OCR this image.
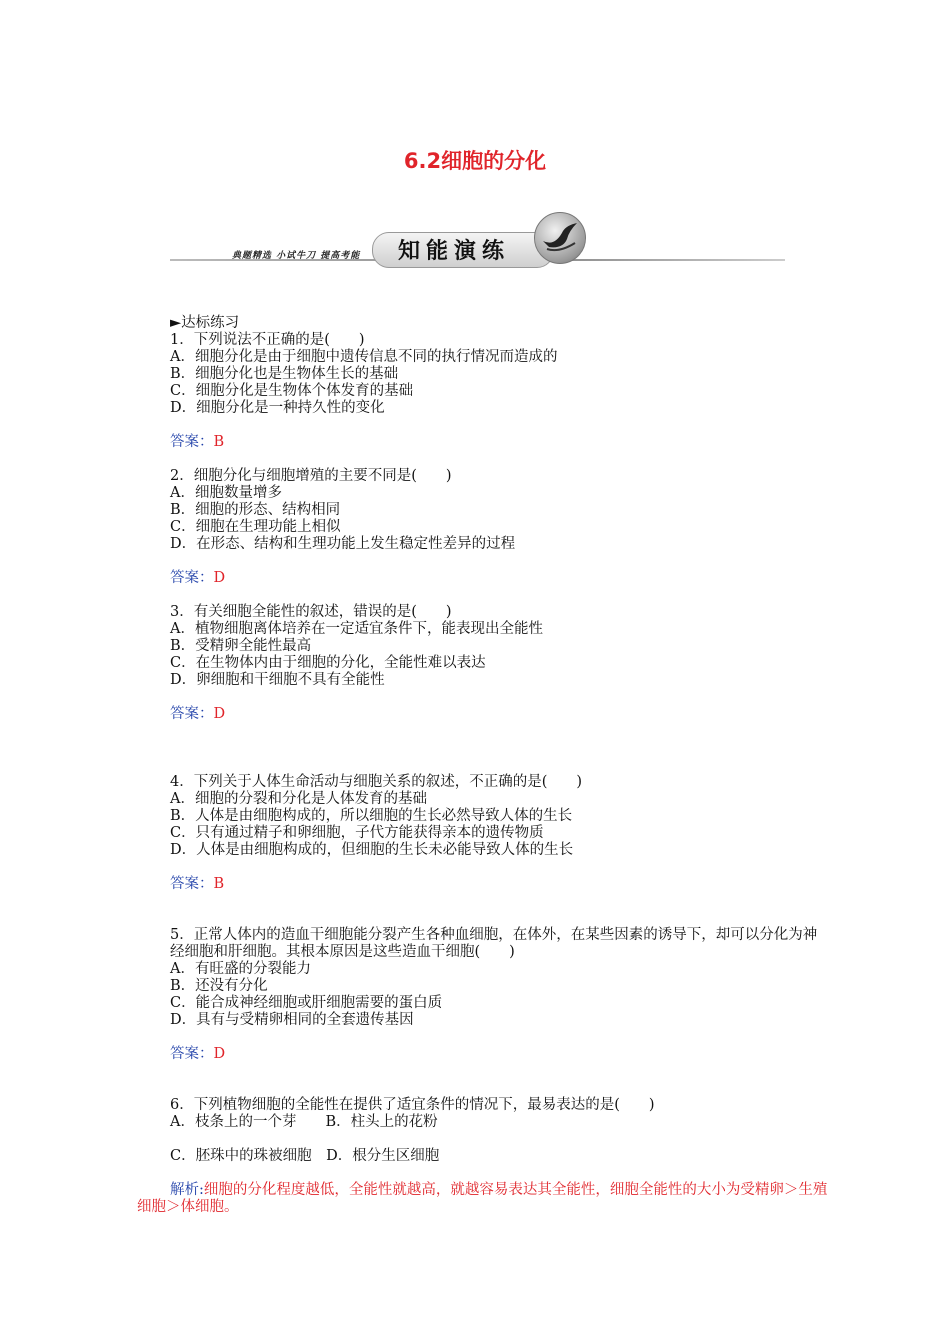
6.2细胞的分化
典题精选 小试牛刀 提高考能 知能演练
►达标练习
1．下列说法不正确的是(　　)
A．细胞分化是由于细胞中遗传信息不同的执行情况而造成的
B．细胞分化也是生物体生长的基础
C．细胞分化是生物体个体发育的基础
D．细胞分化是一种持久性的变化
答案：B
2．细胞分化与细胞增殖的主要不同是(　　)
A．细胞数量增多
B．细胞的形态、结构相同
C．细胞在生理功能上相似
D．在形态、结构和生理功能上发生稳定性差异的过程
答案：D
3．有关细胞全能性的叙述，错误的是(　　)
A．植物细胞离体培养在一定适宜条件下，能表现出全能性
B．受精卵全能性最高
C．在生物体内由于细胞的分化，全能性难以表达
D．卵细胞和干细胞不具有全能性
答案：D
4．下列关于人体生命活动与细胞关系的叙述，不正确的是(　　)
A．细胞的分裂和分化是人体发育的基础
B．人体是由细胞构成的，所以细胞的生长必然导致人体的生长
C．只有通过精子和卵细胞，子代方能获得亲本的遗传物质
D．人体是由细胞构成的，但细胞的生长未必能导致人体的生长
答案：B
5．正常人体内的造血干细胞能分裂产生各种血细胞，在体外，在某些因素的诱导下，却可以分化为神经细胞和肝细胞。其根本原因是这些造血干细胞(　　)
A．有旺盛的分裂能力
B．还没有分化
C．能合成神经细胞或肝细胞需要的蛋白质
D．具有与受精卵相同的全套遗传基因
答案：D
6．下列植物细胞的全能性在提供了适宜条件的情况下，最易表达的是(　　)
A．枝条上的一个芽　　B．柱头上的花粉
C．胚珠中的珠被细胞　D．根分生区细胞
解析:细胞的分化程度越低，全能性就越高，就越容易表达其全能性，细胞全能性的大小为受精卵＞生殖细胞＞体细胞。
